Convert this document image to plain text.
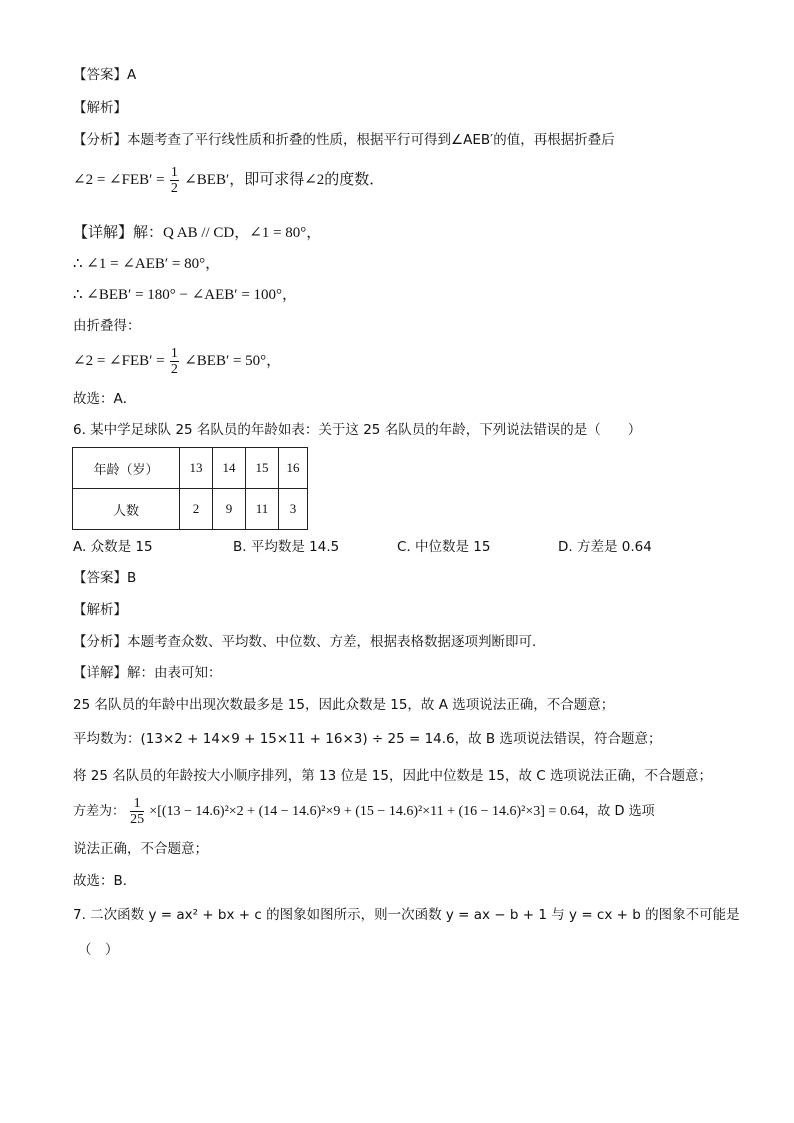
【答案】A
【解析】
【分析】本题考查了平行线性质和折叠的性质，根据平行可得到∠AEB′的值，再根据折叠后
∠2 = ∠FEB′ = $\frac{1}{2}$ ∠BEB′，即可求得∠2的度数．
【详解】解：Q AB // CD，∠1 = 80°，
∴ ∠1 = ∠AEB′ = 80°，
∴ ∠BEB′ = 180° − ∠AEB′ = 100°，
由折叠得：
∠2 = ∠FEB′ = $\frac{1}{2}$ ∠BEB′ = 50°，
故选：A．
6. 某中学足球队 25 名队员的年龄如表：关于这 25 名队员的年龄，下列说法错误的是（　　）
年龄（岁）	13	14	15	16
人数	2	9	11	3
A. 众数是 15	B. 平均数是 14.5	C. 中位数是 15	D. 方差是 0.64
【答案】B
【解析】
【分析】本题考查众数、平均数、中位数、方差，根据表格数据逐项判断即可．
【详解】解：由表可知：
25 名队员的年龄中出现次数最多是 15，因此众数是 15，故 A 选项说法正确，不合题意；
平均数为：(13×2 + 14×9 + 15×11 + 16×3) ÷ 25 = 14.6，故 B 选项说法错误，符合题意；
将 25 名队员的年龄按大小顺序排列，第 13 位是 15，因此中位数是 15，故 C 选项说法正确，不合题意；
方差为： $\frac{1}{25} \times[(13 - 14.6)^2\times 2 + (14 - 14.6)^2\times 9 + (15 - 14.6)^2\times 11 + (16 - 14.6)^2\times 3] = 0.64$，故 D 选项
说法正确，不合题意；
故选：B．
7. 二次函数 y = ax² + bx + c 的图象如图所示，则一次函数 y = ax − b + 1 与 y = cx + b 的图象不可能是
（　）
